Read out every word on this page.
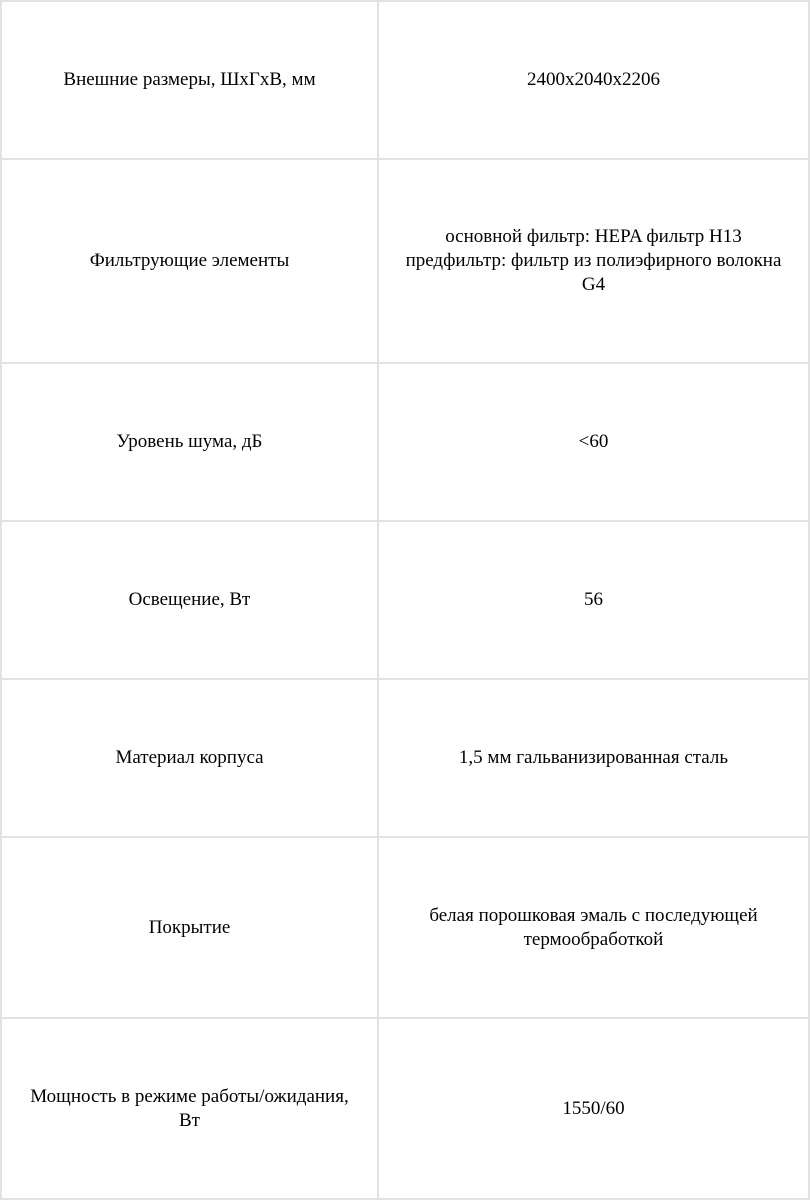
Внешние размеры, ШхГхВ, мм	2400х2040х2206

Фильтрующие элементы	основной фильтр: HEPA фильтр H13
предфильтр: фильтр из полиэфирного волокна G4

Уровень шума, дБ	<60

Освещение, Вт	56

Материал корпуса	1,5 мм гальванизированная сталь

Покрытие	белая порошковая эмаль с последующей термообработкой

Мощность в режиме работы/ожидания, Вт	1550/60
